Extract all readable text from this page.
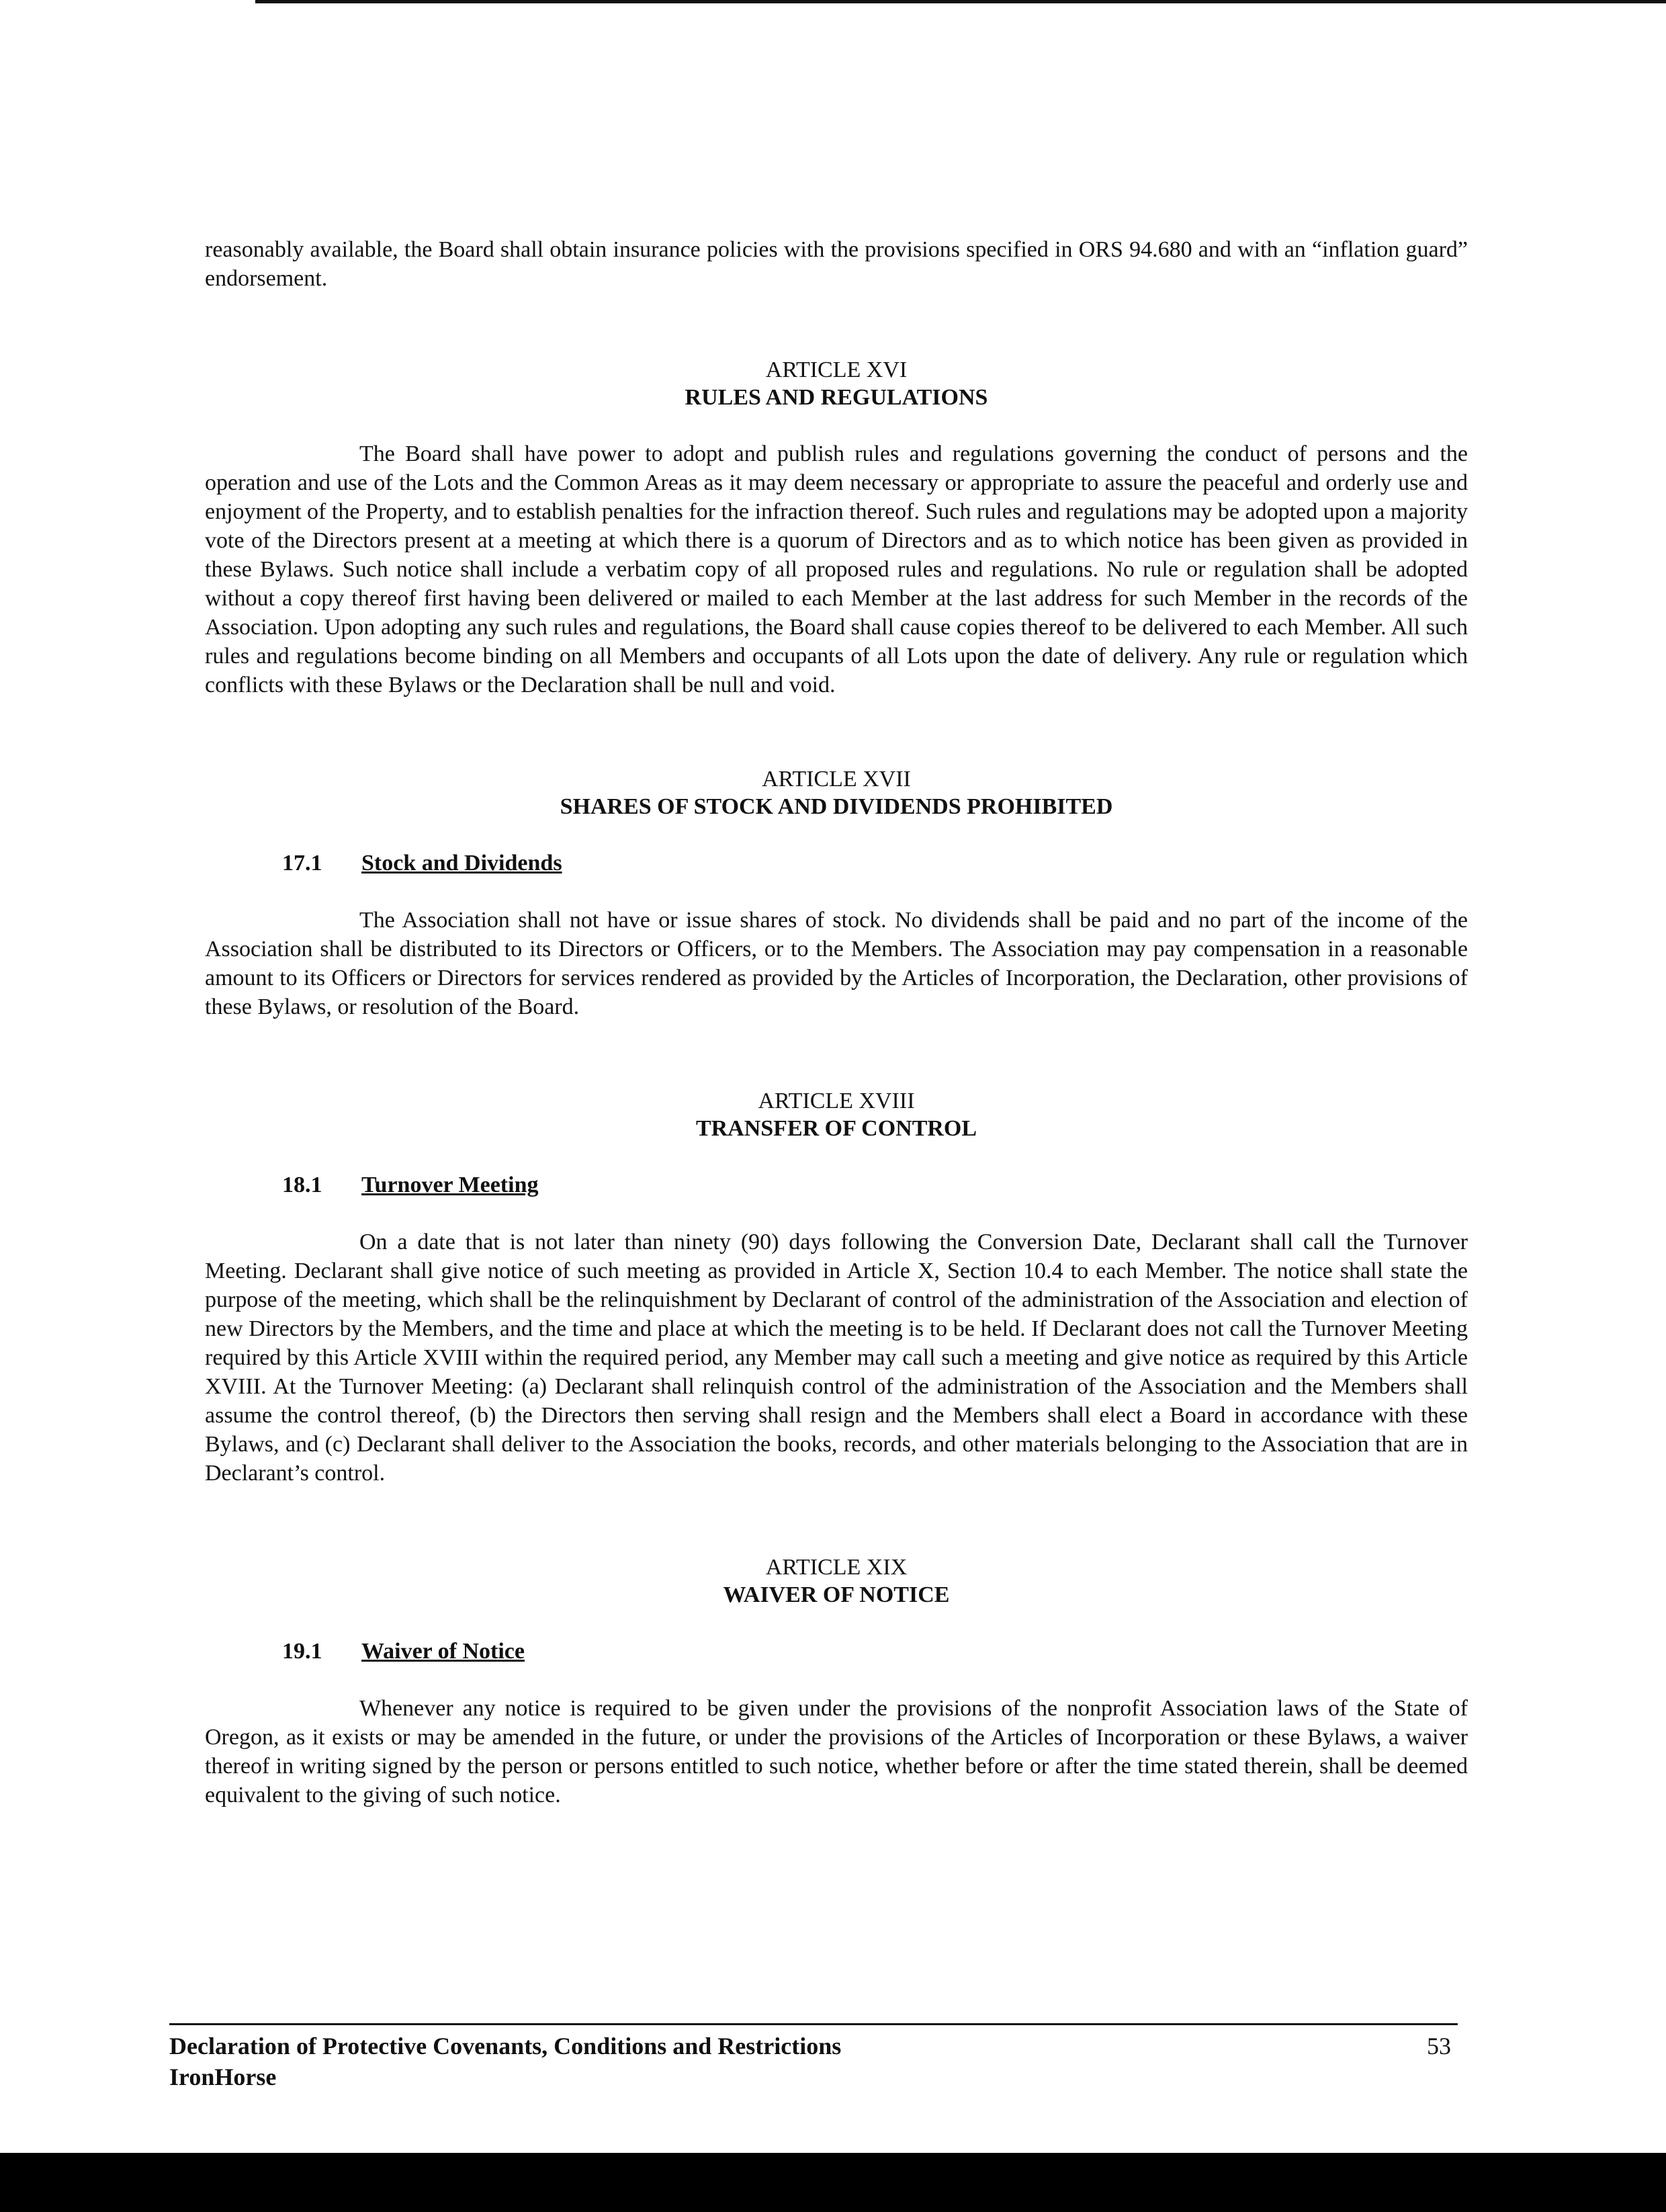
reasonably available, the Board shall obtain insurance policies with the provisions specified in ORS 94.680 and with an “inflation guard” endorsement.

ARTICLE XVI
RULES AND REGULATIONS

The Board shall have power to adopt and publish rules and regulations governing the conduct of persons and the operation and use of the Lots and the Common Areas as it may deem necessary or appropriate to assure the peaceful and orderly use and enjoyment of the Property, and to establish penalties for the infraction thereof. Such rules and regulations may be adopted upon a majority vote of the Directors present at a meeting at which there is a quorum of Directors and as to which notice has been given as provided in these Bylaws. Such notice shall include a verbatim copy of all proposed rules and regulations. No rule or regulation shall be adopted without a copy thereof first having been delivered or mailed to each Member at the last address for such Member in the records of the Association. Upon adopting any such rules and regulations, the Board shall cause copies thereof to be delivered to each Member. All such rules and regulations become binding on all Members and occupants of all Lots upon the date of delivery. Any rule or regulation which conflicts with these Bylaws or the Declaration shall be null and void.

ARTICLE XVII
SHARES OF STOCK AND DIVIDENDS PROHIBITED
17.1 Stock and Dividends

The Association shall not have or issue shares of stock. No dividends shall be paid and no part of the income of the Association shall be distributed to its Directors or Officers, or to the Members. The Association may pay compensation in a reasonable amount to its Officers or Directors for services rendered as provided by the Articles of Incorporation, the Declaration, other provisions of these Bylaws, or resolution of the Board.

ARTICLE XVIII
TRANSFER OF CONTROL
18.1 Turnover Meeting

On a date that is not later than ninety (90) days following the Conversion Date, Declarant shall call the Turnover Meeting. Declarant shall give notice of such meeting as provided in Article X, Section 10.4 to each Member. The notice shall state the purpose of the meeting, which shall be the relinquishment by Declarant of control of the administration of the Association and election of new Directors by the Members, and the time and place at which the meeting is to be held. If Declarant does not call the Turnover Meeting required by this Article XVIII within the required period, any Member may call such a meeting and give notice as required by this Article XVIII. At the Turnover Meeting: (a) Declarant shall relinquish control of the administration of the Association and the Members shall assume the control thereof, (b) the Directors then serving shall resign and the Members shall elect a Board in accordance with these Bylaws, and (c) Declarant shall deliver to the Association the books, records, and other materials belonging to the Association that are in Declarant’s control.

ARTICLE XIX
WAIVER OF NOTICE
19.1 Waiver of Notice

Whenever any notice is required to be given under the provisions of the nonprofit Association laws of the State of Oregon, as it exists or may be amended in the future, or under the provisions of the Articles of Incorporation or these Bylaws, a waiver thereof in writing signed by the person or persons entitled to such notice, whether before or after the time stated therein, shall be deemed equivalent to the giving of such notice.

Declaration of Protective Covenants, Conditions and Restrictions
IronHorse
53
